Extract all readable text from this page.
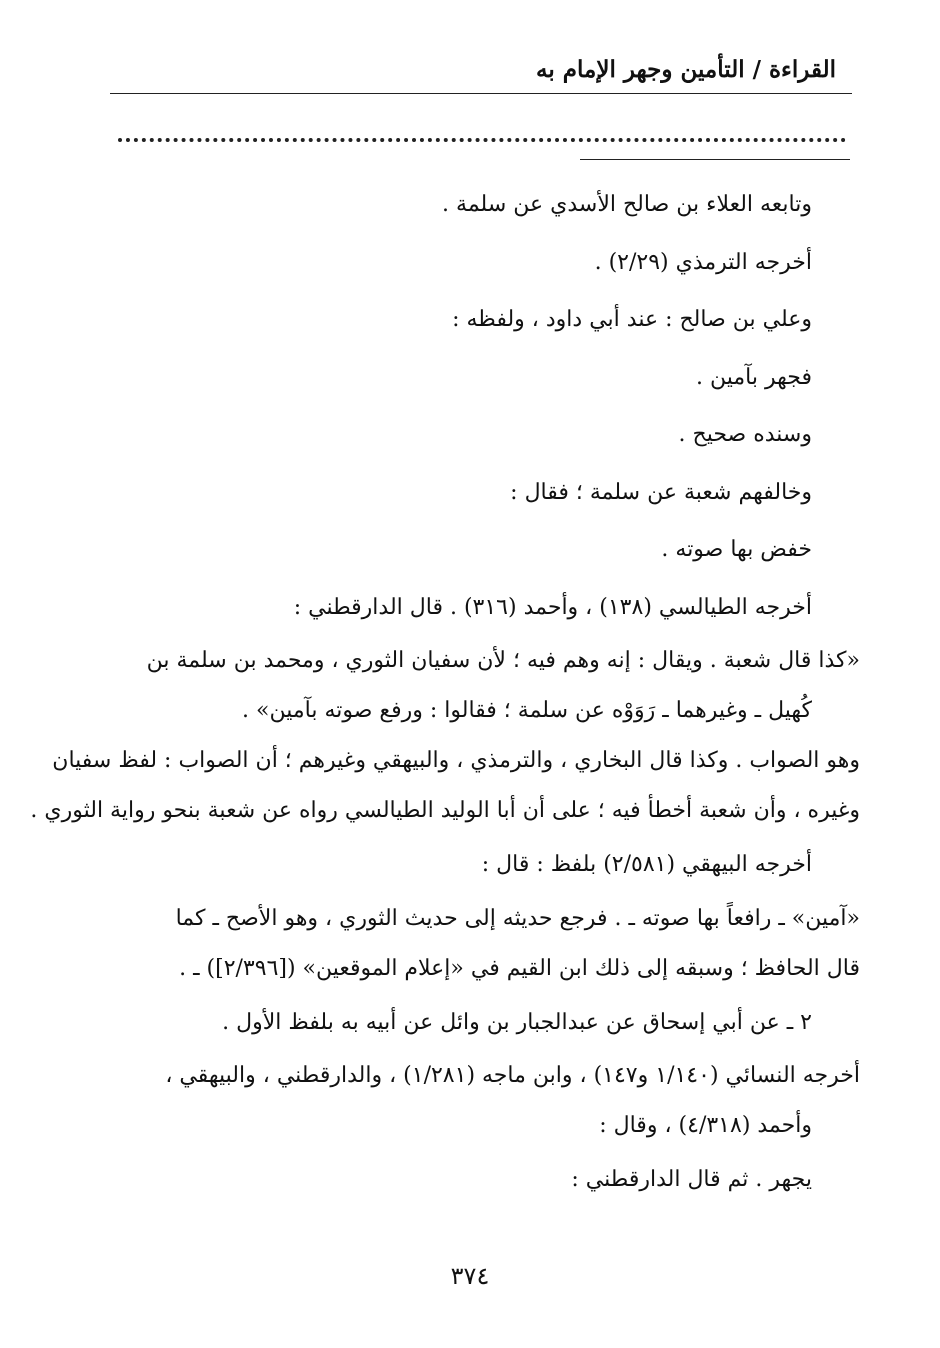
القراءة / التأمين وجهر الإمام به
وتابعه العلاء بن صالح الأسدي عن سلمة .
أخرجه الترمذي (٢/٢٩) .
وعلي بن صالح : عند أبي داود ، ولفظه :
فجهر بآمين .
وسنده صحيح .
وخالفهم شعبة عن سلمة ؛ فقال :
خفض بها صوته .
أخرجه الطيالسي (١٣٨) ، وأحمد (٣١٦) . قال الدارقطني :
«كذا قال شعبة . ويقال : إنه وهم فيه ؛ لأن سفيان الثوري ، ومحمد بن سلمة بن
كُهيل ـ وغيرهما ـ رَوَوْه عن سلمة ؛ فقالوا : ورفع صوته بآمين» .
وهو الصواب . وكذا قال البخاري ، والترمذي ، والبيهقي وغيرهم ؛ أن الصواب : لفظ سفيان
وغيره ، وأن شعبة أخطأ فيه ؛ على أن أبا الوليد الطيالسي رواه عن شعبة بنحو رواية الثوري .
أخرجه البيهقي (٢/٥٨١) بلفظ : قال :
«آمين» ـ رافعاً بها صوته ـ . فرجع حديثه إلى حديث الثوري ، وهو الأصح ـ كما
قال الحافظ ؛ وسبقه إلى ذلك ابن القيم في «إعلام الموقعين» ([٢/٣٩٦]) ـ .
٢ ـ عن أبي إسحاق عن عبدالجبار بن وائل عن أبيه به بلفظ الأول .
أخرجه النسائي (١/١٤٠ و١٤٧) ، وابن ماجه (١/٢٨١) ، والدارقطني ، والبيهقي ،
وأحمد (٤/٣١٨) ، وقال :
يجهر . ثم قال الدارقطني :
٣٧٤
